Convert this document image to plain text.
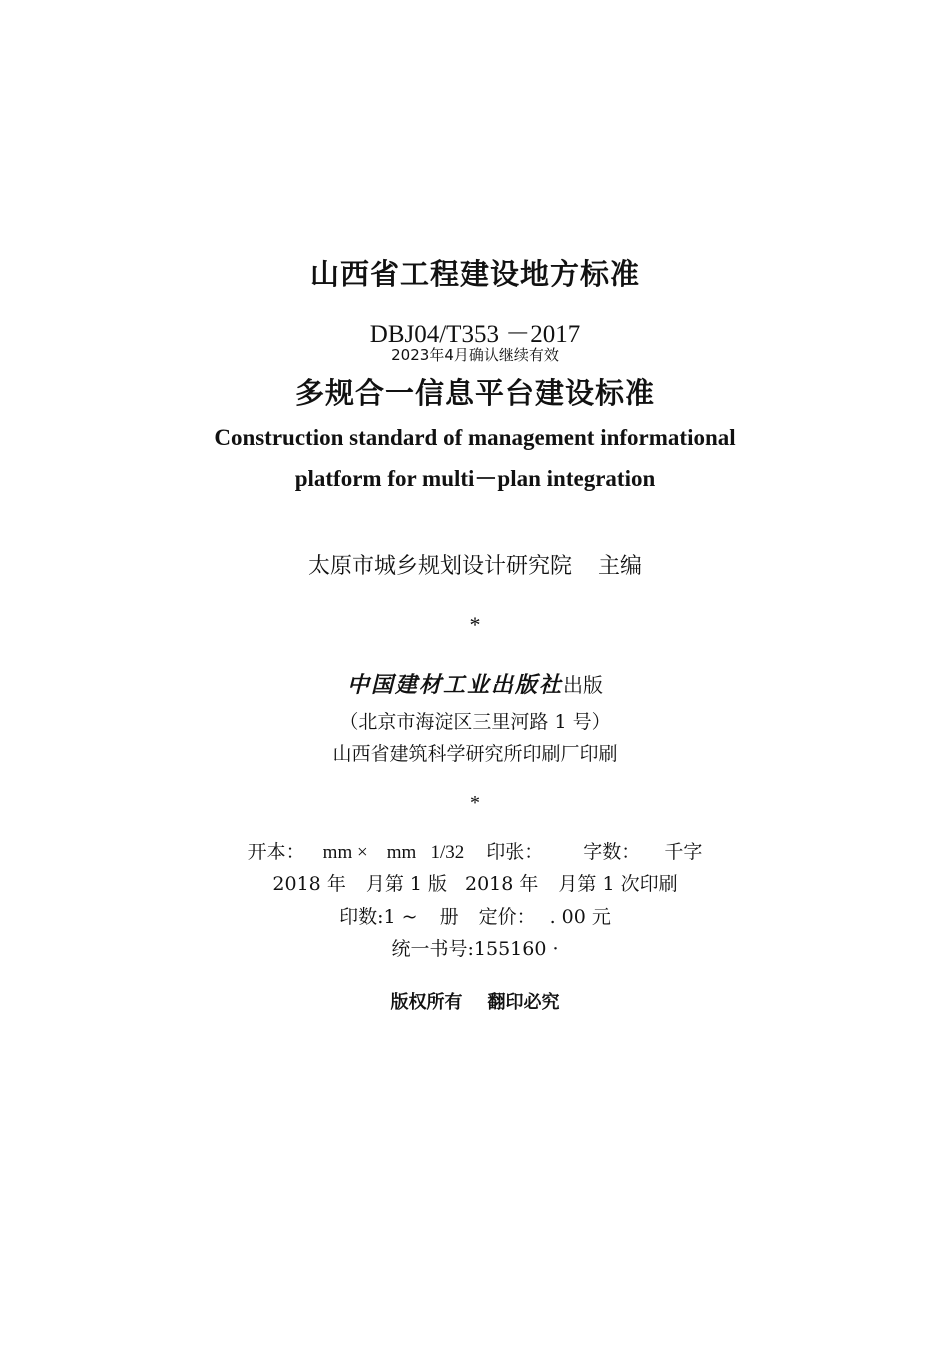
山西省工程建设地方标准
DBJ04/T353 －2017
2023年4月确认继续有效
多规合一信息平台建设标准
Construction standard of management informational
platform for multi－plan integration
太原市城乡规划设计研究院 主编
*
中国建材工业出版社出版
（北京市海淀区三里河路 1 号）
山西省建筑科学研究所印刷厂印刷
*
开本： mm ×    mm   1/32 印张： 字数： 千字
2018 年 月第 1 版 2018 年 月第 1 次印刷
印数:1 ~ 册 定价： . 00 元
统一书号:155160 ·
版权所有    翻印必究
